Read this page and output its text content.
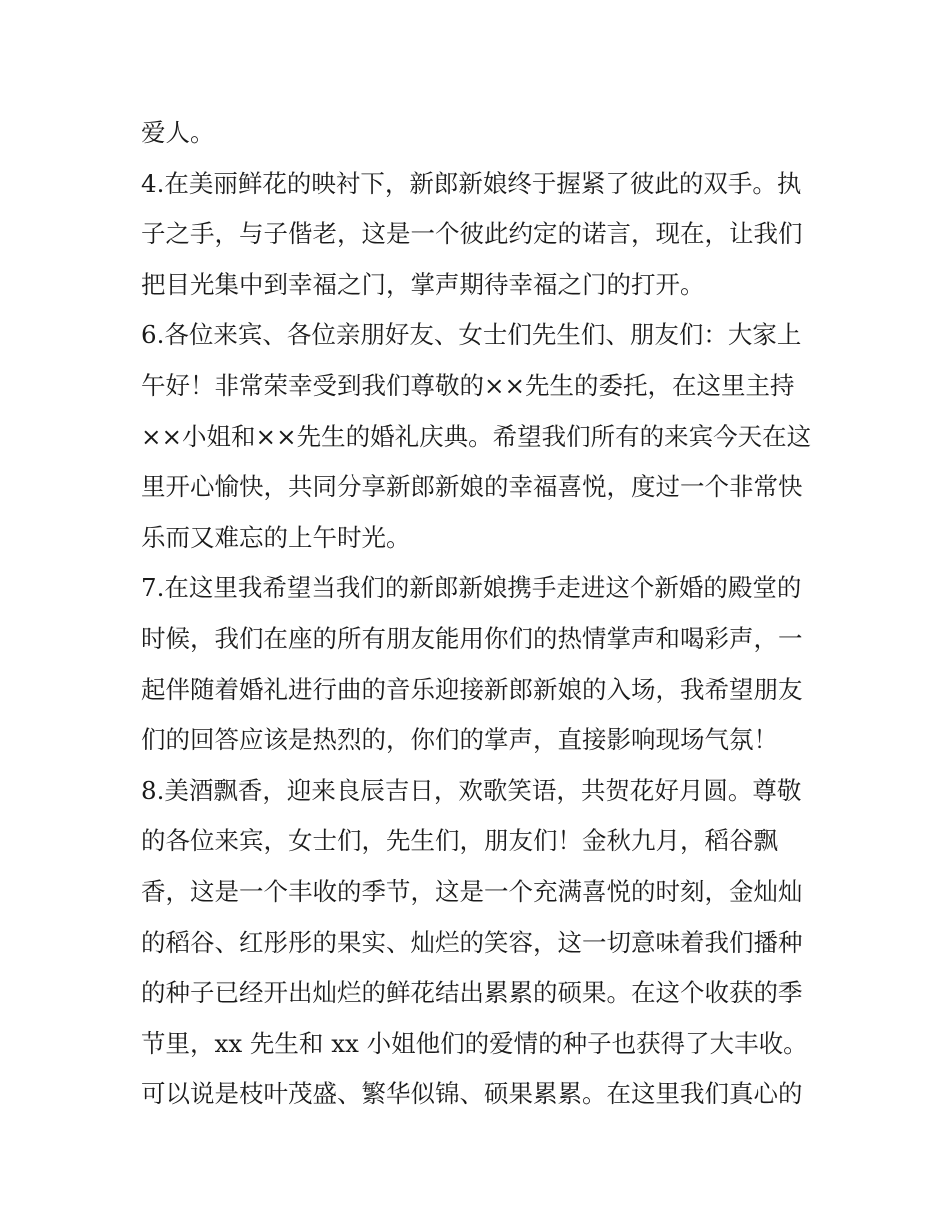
爱人。
4.在美丽鲜花的映衬下，新郎新娘终于握紧了彼此的双手。执
子之手，与子偕老，这是一个彼此约定的诺言，现在，让我们
把目光集中到幸福之门，掌声期待幸福之门的打开。
6.各位来宾、各位亲朋好友、女士们先生们、朋友们：大家上
午好！非常荣幸受到我们尊敬的××先生的委托，在这里主持
××小姐和××先生的婚礼庆典。希望我们所有的来宾今天在这
里开心愉快，共同分享新郎新娘的幸福喜悦，度过一个非常快
乐而又难忘的上午时光。
7.在这里我希望当我们的新郎新娘携手走进这个新婚的殿堂的
时候，我们在座的所有朋友能用你们的热情掌声和喝彩声，一
起伴随着婚礼进行曲的音乐迎接新郎新娘的入场，我希望朋友
们的回答应该是热烈的，你们的掌声，直接影响现场气氛！
8.美酒飘香，迎来良辰吉日，欢歌笑语，共贺花好月圆。尊敬
的各位来宾，女士们，先生们，朋友们！金秋九月，稻谷飘
香，这是一个丰收的季节，这是一个充满喜悦的时刻，金灿灿
的稻谷、红彤彤的果实、灿烂的笑容，这一切意味着我们播种
的种子已经开出灿烂的鲜花结出累累的硕果。在这个收获的季
节里，xx 先生和 xx 小姐他们的爱情的种子也获得了大丰收。
可以说是枝叶茂盛、繁华似锦、硕果累累。在这里我们真心的
